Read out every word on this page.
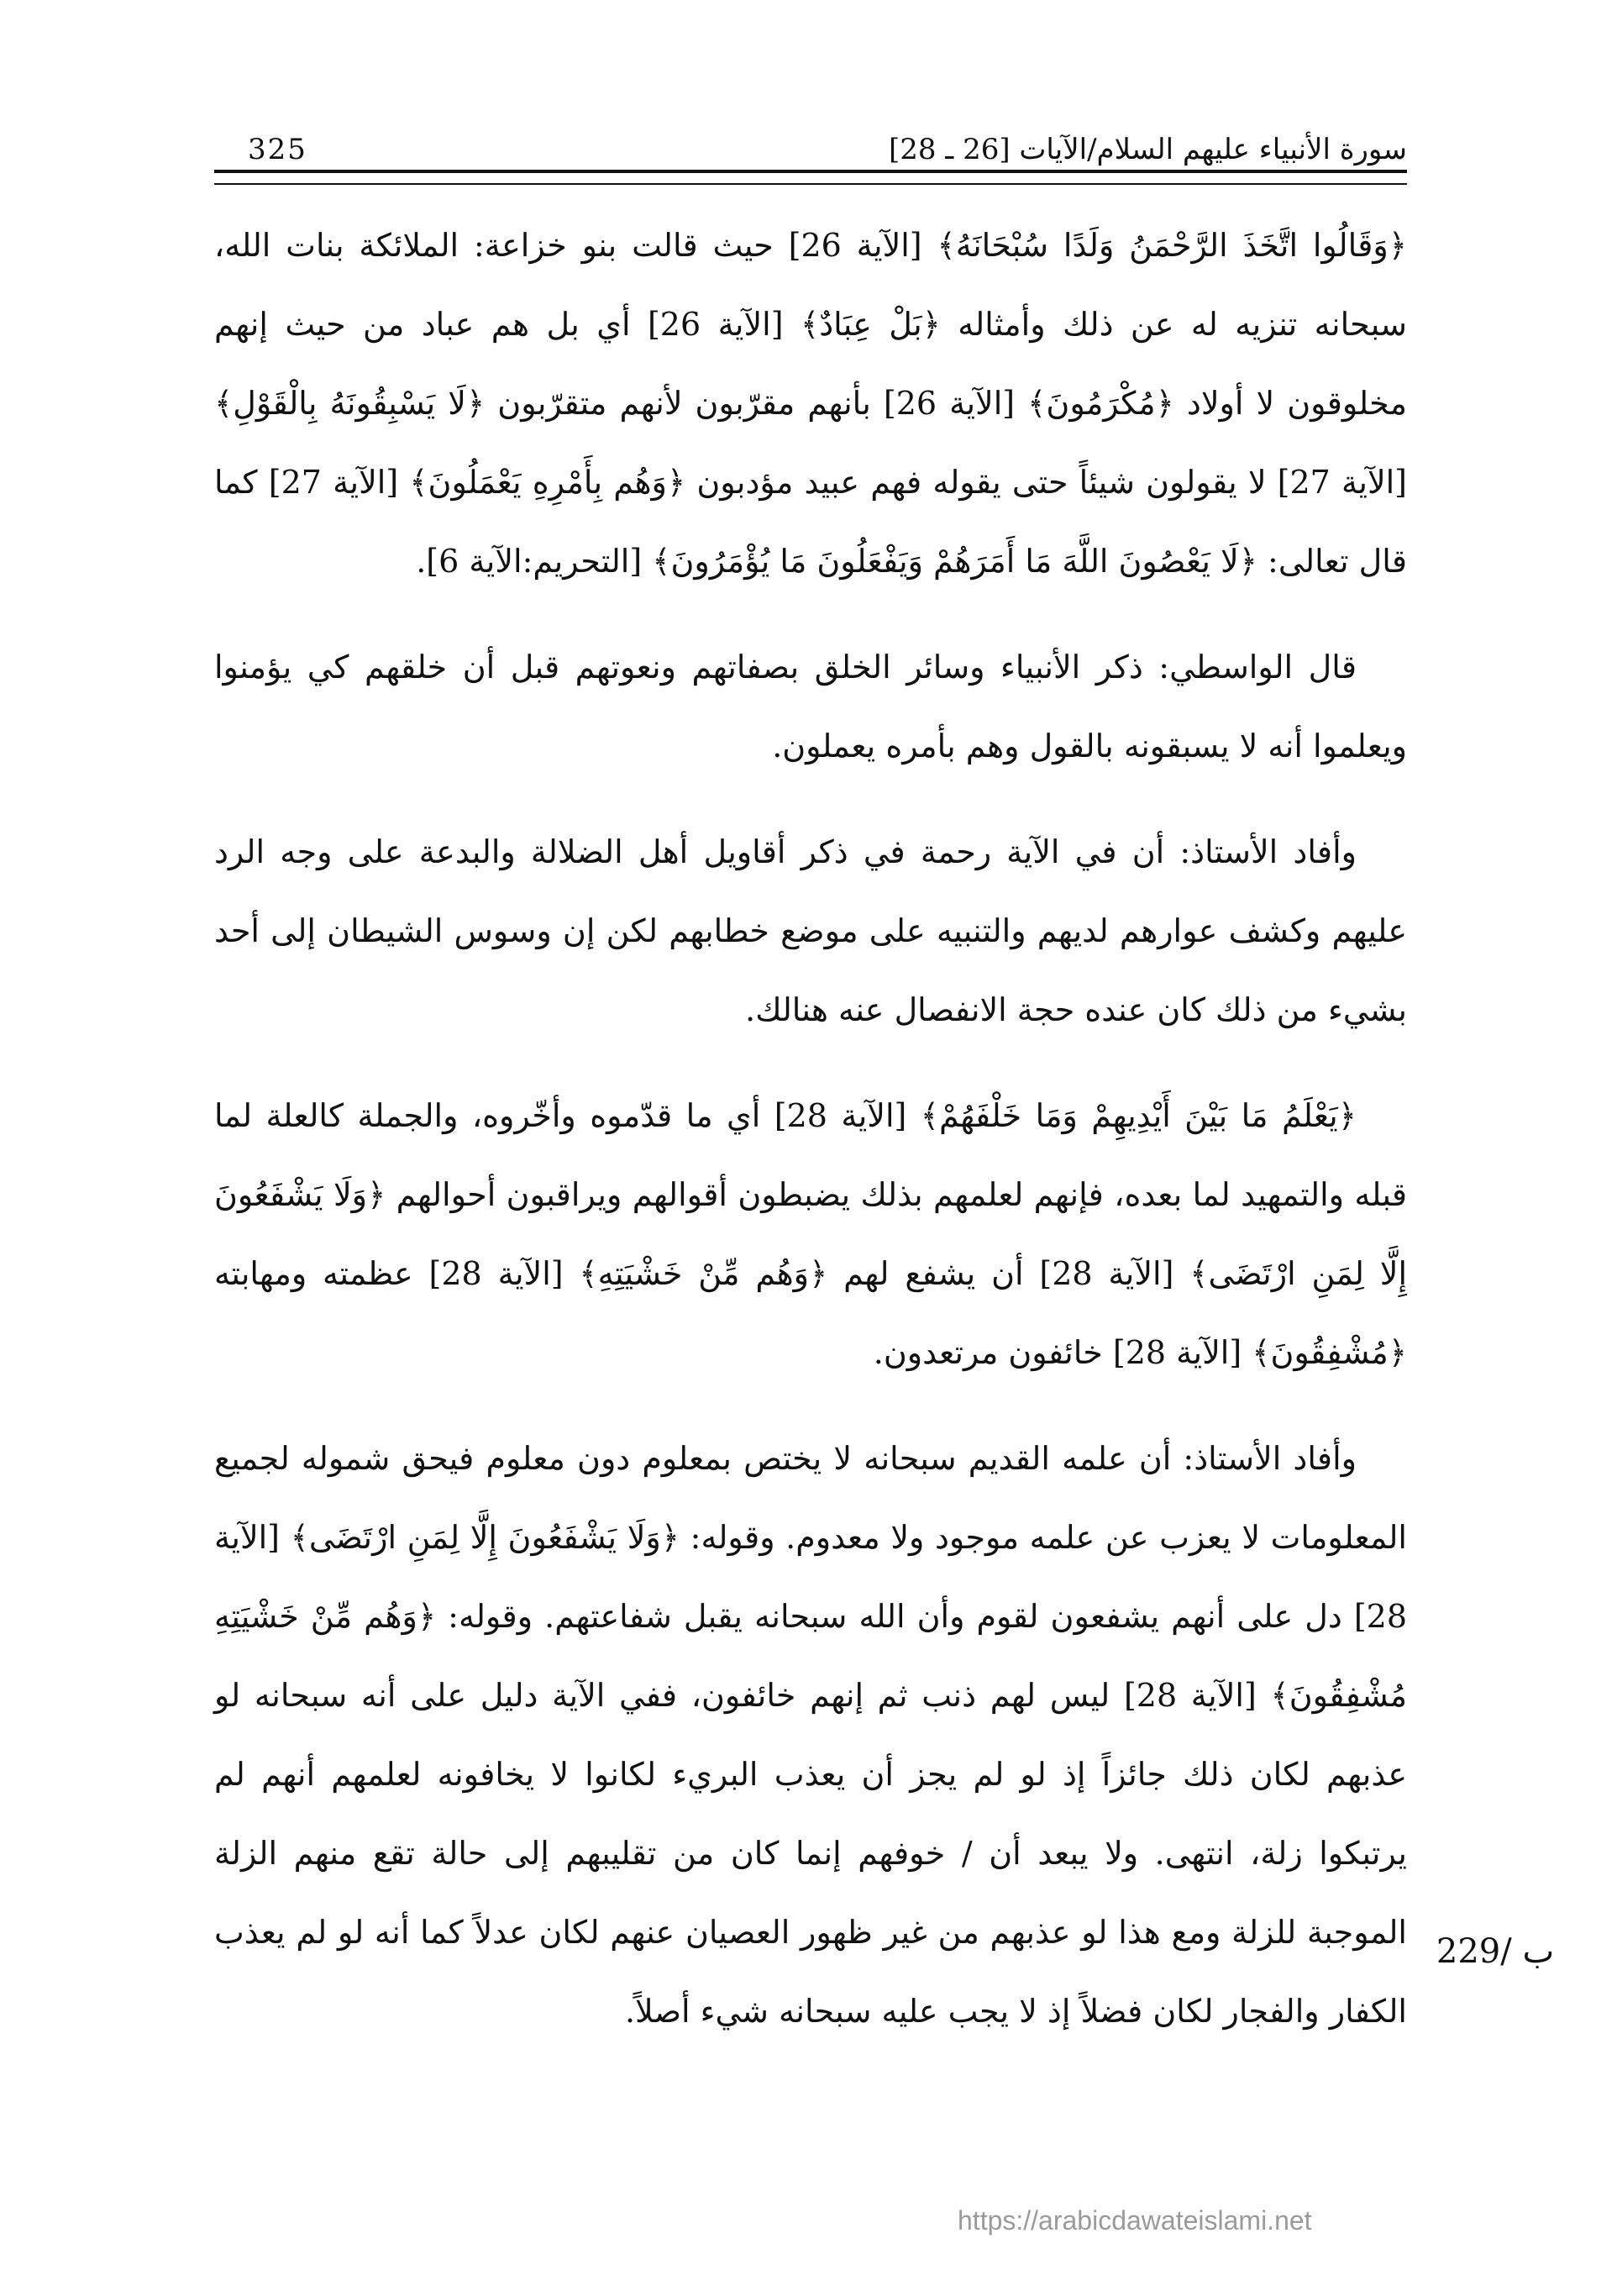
325	سورة الأنبياء عليهم السلام/الآيات [26 ـ 28]

﴿وَقَالُوا اتَّخَذَ الرَّحْمَنُ وَلَدًا سُبْحَانَهُ﴾ [الآية 26] حيث قالت بنو خزاعة: الملائكة بنات الله، سبحانه تنزيه له عن ذلك وأمثاله ﴿بَلْ عِبَادٌ﴾ [الآية 26] أي بل هم عباد من حيث إنهم مخلوقون لا أولاد ﴿مُكْرَمُونَ﴾ [الآية 26] بأنهم مقرّبون لأنهم متقرّبون ﴿لَا يَسْبِقُونَهُ بِالْقَوْلِ﴾ [الآية 27] لا يقولون شيئاً حتى يقوله فهم عبيد مؤدبون ﴿وَهُم بِأَمْرِهِ يَعْمَلُونَ﴾ [الآية 27] كما قال تعالى: ﴿لَا يَعْصُونَ اللَّهَ مَا أَمَرَهُمْ وَيَفْعَلُونَ مَا يُؤْمَرُونَ﴾ [التحريم:الآية 6].

قال الواسطي: ذكر الأنبياء وسائر الخلق بصفاتهم ونعوتهم قبل أن خلقهم كي يؤمنوا ويعلموا أنه لا يسبقونه بالقول وهم بأمره يعملون.

وأفاد الأستاذ: أن في الآية رحمة في ذكر أقاويل أهل الضلالة والبدعة على وجه الرد عليهم وكشف عوارهم لديهم والتنبيه على موضع خطابهم لكن إن وسوس الشيطان إلى أحد بشيء من ذلك كان عنده حجة الانفصال عنه هنالك.

﴿يَعْلَمُ مَا بَيْنَ أَيْدِيهِمْ وَمَا خَلْفَهُمْ﴾ [الآية 28] أي ما قدّموه وأخّروه، والجملة كالعلة لما قبله والتمهيد لما بعده، فإنهم لعلمهم بذلك يضبطون أقوالهم ويراقبون أحوالهم ﴿وَلَا يَشْفَعُونَ إِلَّا لِمَنِ ارْتَضَى﴾ [الآية 28] أن يشفع لهم ﴿وَهُم مِّنْ خَشْيَتِهِ﴾ [الآية 28] عظمته ومهابته ﴿مُشْفِقُونَ﴾ [الآية 28] خائفون مرتعدون.

وأفاد الأستاذ: أن علمه القديم سبحانه لا يختص بمعلوم دون معلوم فيحق شموله لجميع المعلومات لا يعزب عن علمه موجود ولا معدوم. وقوله: ﴿وَلَا يَشْفَعُونَ إِلَّا لِمَنِ ارْتَضَى﴾ [الآية 28] دل على أنهم يشفعون لقوم وأن الله سبحانه يقبل شفاعتهم. وقوله: ﴿وَهُم مِّنْ خَشْيَتِهِ مُشْفِقُونَ﴾ [الآية 28] ليس لهم ذنب ثم إنهم خائفون، ففي الآية دليل على أنه سبحانه لو عذبهم لكان ذلك جائزاً إذ لو لم يجز أن يعذب البريء لكانوا لا يخافونه لعلمهم أنهم لم يرتبكوا زلة، انتهى. ولا يبعد أن / خوفهم إنما كان من تقليبهم إلى حالة تقع منهم الزلة الموجبة للزلة ومع هذا لو عذبهم من غير ظهور العصيان عنهم لكان عدلاً كما أنه لو لم يعذب الكفار والفجار لكان فضلاً إذ لا يجب عليه سبحانه شيء أصلاً.

229/ ب
https://arabicdawateislami.net
